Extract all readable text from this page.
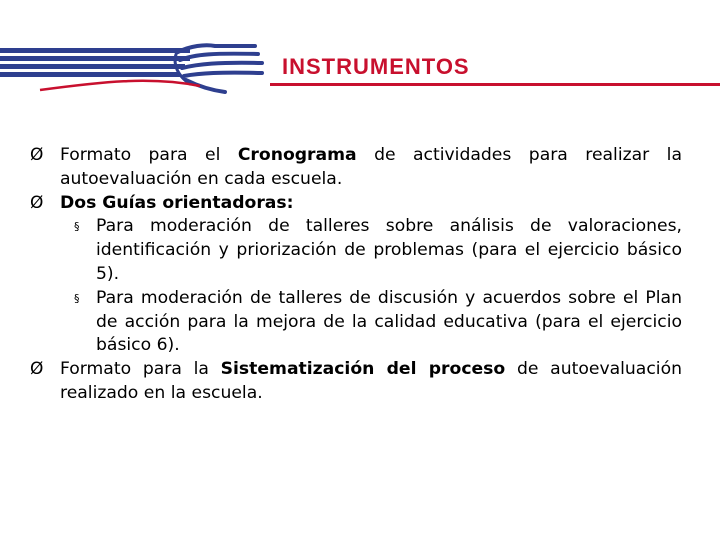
INSTRUMENTOS
Ø Formato para el Cronograma de actividades para realizar la autoevaluación en cada escuela.
Ø Dos Guías orientadoras:
§ Para moderación de talleres sobre análisis de valoraciones, identificación y priorización de problemas (para el ejercicio básico 5).
§ Para moderación de talleres de discusión y acuerdos sobre el Plan de acción para la mejora de la calidad educativa (para el ejercicio básico 6).
Ø Formato para la Sistematización del proceso de autoevaluación realizado en la escuela.
